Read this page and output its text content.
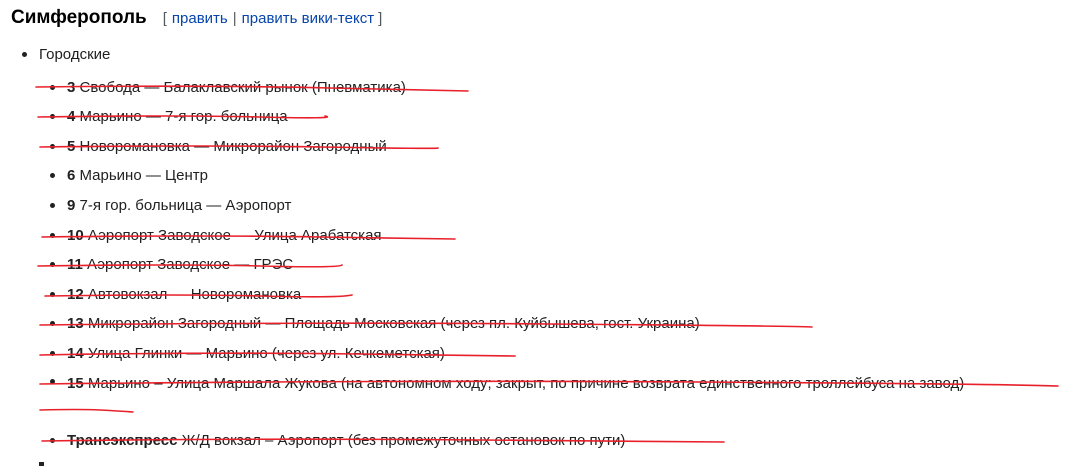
Симферополь [ править | править вики-текст ]
Городские
3 Свобода — Балаклавский рынок (Пневматика)
4 Марьино — 7-я гор. больница
5 Новоромановка — Микрорайон Загородный
6 Марьино — Центр
9 7-я гор. больница — Аэропорт
10 Аэропорт Заводское — Улица Арабатская
11 Аэропорт Заводское — ГРЭС
12 Автовокзал — Новоромановка
13 Микрорайон Загородный — Площадь Московская (через пл. Куйбышева, гост. Украина)
14 Улица Глинки — Марьино (через ул. Кечкеметская)
15 Марьино – Улица Маршала Жукова (на автономном ходу; закрыт, по причине возврата единственного троллейбуса на завод)
Трансэкспресс Ж/Д вокзал – Аэропорт (без промежуточных остановок по пути)
